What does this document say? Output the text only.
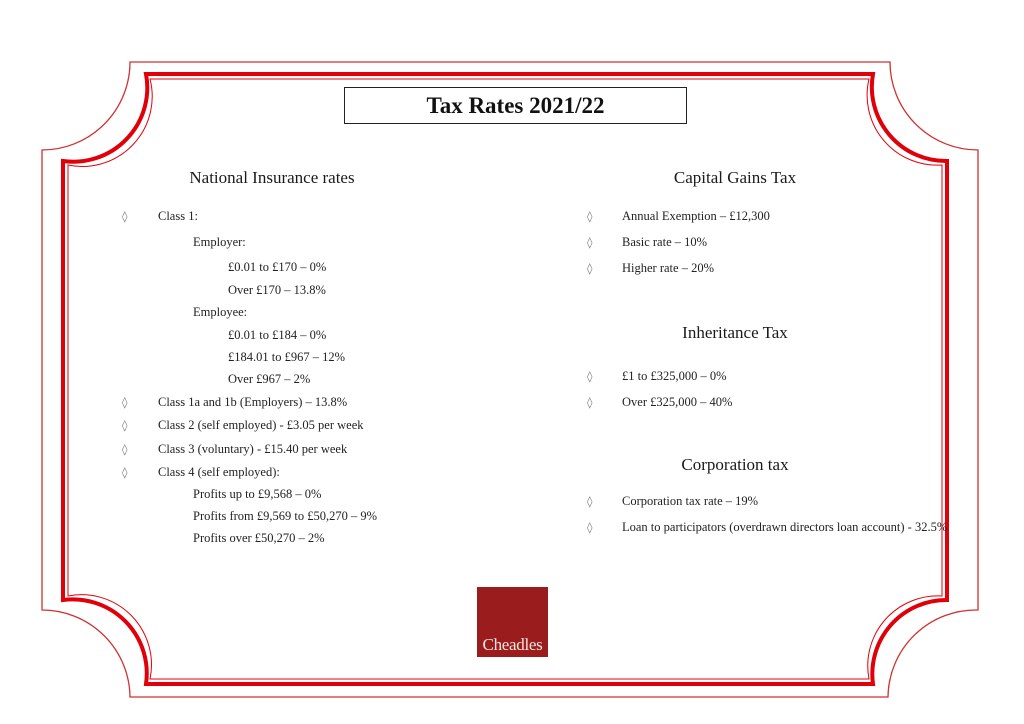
Tax Rates 2021/22
National Insurance rates
◊ Class 1:
Employer:
£0.01 to £170 – 0%
Over £170 – 13.8%
Employee:
£0.01 to £184 – 0%
£184.01 to £967 – 12%
Over £967 – 2%
◊ Class 1a and 1b (Employers) – 13.8%
◊ Class 2 (self employed) - £3.05 per week
◊ Class 3 (voluntary) - £15.40 per week
◊ Class 4 (self employed):
Profits up to £9,568 – 0%
Profits from £9,569 to £50,270 – 9%
Profits over £50,270 – 2%
Capital Gains Tax
◊ Annual Exemption – £12,300
◊ Basic rate – 10%
◊ Higher rate – 20%
Inheritance Tax
◊ £1 to £325,000 – 0%
◊ Over £325,000 – 40%
Corporation tax
◊ Corporation tax rate – 19%
◊ Loan to participators (overdrawn directors loan account) - 32.5%
Cheadles
